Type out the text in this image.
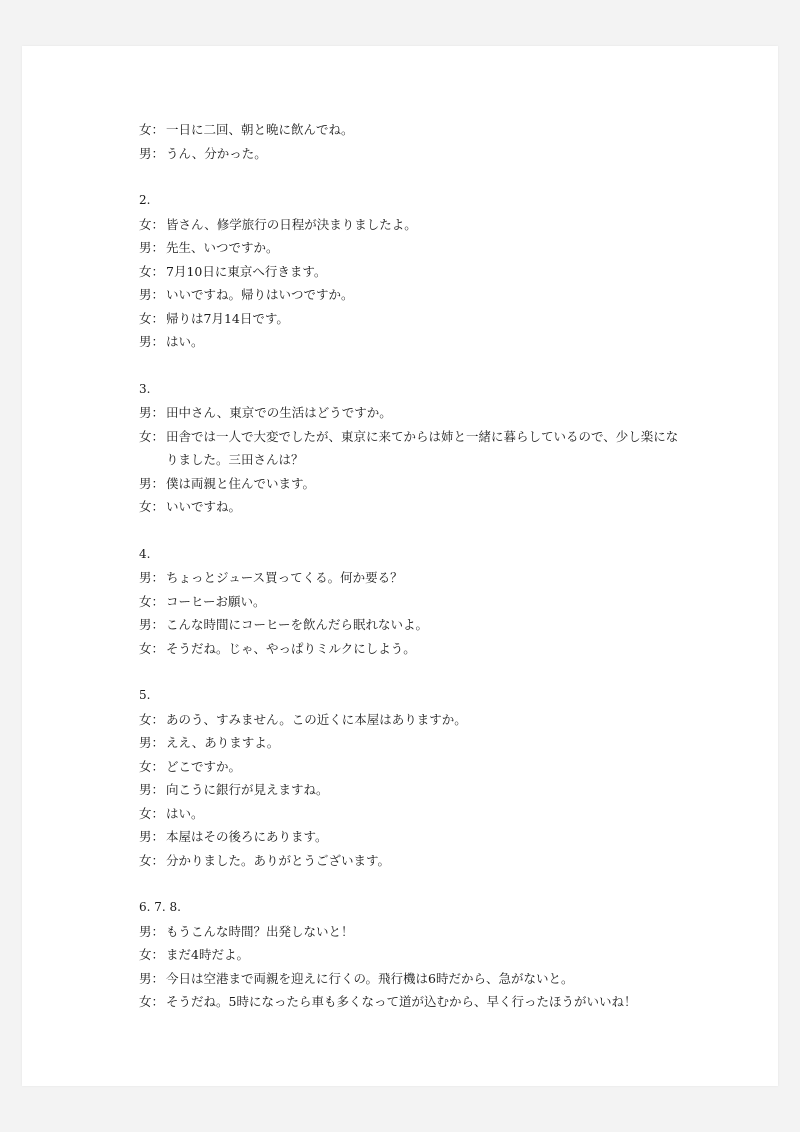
女： 一日に二回、朝と晩に飲んでね。
男： うん、分かった。
2.
女： 皆さん、修学旅行の日程が決まりましたよ。
男： 先生、いつですか。
女： 7月10日に東京へ行きます。
男： いいですね。帰りはいつですか。
女： 帰りは7月14日です。
男： はい。
3.
男： 田中さん、東京での生活はどうですか。
女： 田舎では一人で大変でしたが、東京に来てからは姉と一緒に暮らしているので、少し楽になりました。三田さんは？
男： 僕は両親と住んでいます。
女： いいですね。
4.
男： ちょっとジュース買ってくる。何か要る？
女： コーヒーお願い。
男： こんな時間にコーヒーを飲んだら眠れないよ。
女： そうだね。じゃ、やっぱりミルクにしよう。
5.
女： あのう、すみません。この近くに本屋はありますか。
男： ええ、ありますよ。
女： どこですか。
男： 向こうに銀行が見えますね。
女： はい。
男： 本屋はその後ろにあります。
女： 分かりました。ありがとうございます。
6. 7. 8.
男： もうこんな時間？出発しないと！
女： まだ4時だよ。
男： 今日は空港まで両親を迎えに行くの。飛行機は6時だから、急がないと。
女： そうだね。5時になったら車も多くなって道が込むから、早く行ったほうがいいね！
